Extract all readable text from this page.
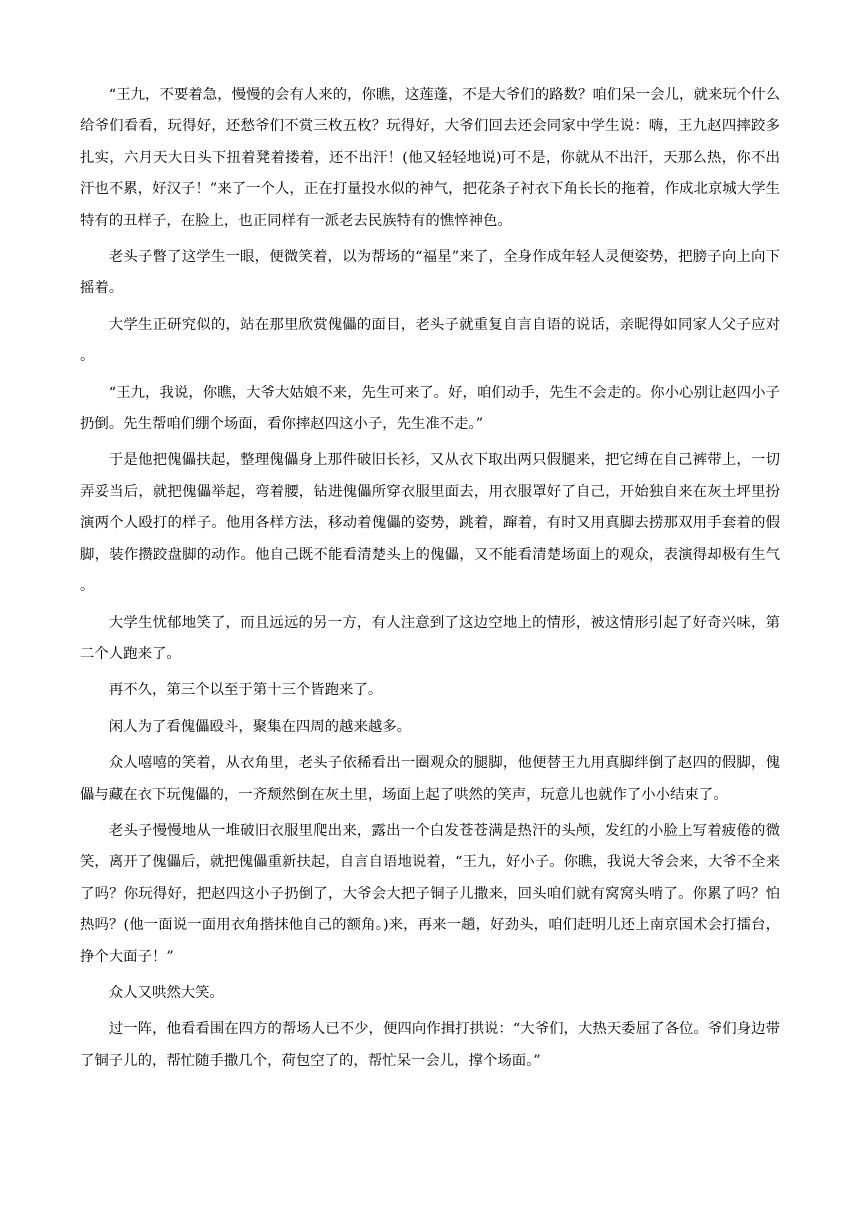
“王九，不要着急，慢慢的会有人来的，你瞧，这莲蓬，不是大爷们的路数？咱们呆一会儿，就来玩个什么给爷们看看，玩得好，还愁爷们不赏三枚五枚？玩得好，大爷们回去还会同家中学生说：嗨，王九赵四摔跤多扎实，六月天大日头下扭着凳着搂着，还不出汗！(他又轻轻地说)可不是，你就从不出汗，天那么热，你不出汗也不累，好汉子！”来了一个人，正在打量投水似的神气，把花条子衬衣下角长长的拖着，作成北京城大学生特有的丑样子，在脸上，也正同样有一派老去民族特有的憔悴神色。

老头子瞥了这学生一眼，便微笑着，以为帮场的“福星”来了，全身作成年轻人灵便姿势，把膀子向上向下摇着。

大学生正研究似的，站在那里欣赏傀儡的面目，老头子就重复自言自语的说话，亲昵得如同家人父子应对。

“王九，我说，你瞧，大爷大姑娘不来，先生可来了。好，咱们动手，先生不会走的。你小心别让赵四小子扔倒。先生帮咱们绷个场面，看你摔赵四这小子，先生准不走。”

于是他把傀儡扶起，整理傀儡身上那件破旧长衫，又从衣下取出两只假腿来，把它缚在自己裤带上，一切弄妥当后，就把傀儡举起，弯着腰，钻进傀儡所穿衣服里面去，用衣服罩好了自己，开始独自来在灰土坪里扮演两个人殴打的样子。他用各样方法，移动着傀儡的姿势，跳着，蹿着，有时又用真脚去捞那双用手套着的假脚，装作攒跤盘脚的动作。他自己既不能看清楚头上的傀儡，又不能看清楚场面上的观众，表演得却极有生气。

大学生忧郁地笑了，而且远远的另一方，有人注意到了这边空地上的情形，被这情形引起了好奇兴味，第二个人跑来了。

再不久，第三个以至于第十三个皆跑来了。

闲人为了看傀儡殴斗，聚集在四周的越来越多。

众人嘻嘻的笑着，从衣角里，老头子依稀看出一圈观众的腿脚，他便替王九用真脚绊倒了赵四的假脚，傀儡与藏在衣下玩傀儡的，一齐颓然倒在灰土里，场面上起了哄然的笑声，玩意儿也就作了小小结束了。

老头子慢慢地从一堆破旧衣服里爬出来，露出一个白发苍苍满是热汗的头颅，发红的小脸上写着疲倦的微笑，离开了傀儡后，就把傀儡重新扶起，自言自语地说着，“王九，好小子。你瞧，我说大爷会来，大爷不全来了吗？你玩得好，把赵四这小子扔倒了，大爷会大把子铜子儿撒来，回头咱们就有窝窝头啃了。你累了吗？怕热吗？(他一面说一面用衣角揩抹他自己的额角。)来，再来一趟，好劲头，咱们赶明儿还上南京国术会打擂台，挣个大面子！”

众人又哄然大笑。

过一阵，他看看围在四方的帮场人已不少，便四向作揖打拱说：“大爷们，大热天委屈了各位。爷们身边带了铜子儿的，帮忙随手撒几个，荷包空了的，帮忙呆一会儿，撑个场面。”
